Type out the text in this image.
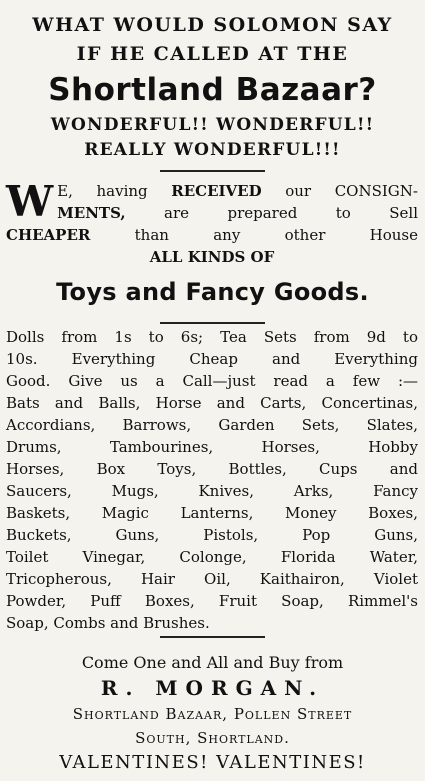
WHAT WOULD SOLOMON SAY
IF HE CALLED AT THE
Shortland Bazaar?
WONDERFUL!! WONDERFUL!!
REALLY WONDERFUL!!!
W E, having RECEIVED our CONSIGN-
MENTS, are prepared to Sell
CHEAPER than any other House
ALL KINDS OF
Toys and Fancy Goods.
Dolls from 1s to 6s; Tea Sets from 9d to
10s. Everything Cheap and Everything
Good. Give us a Call—just read a few :—
Bats and Balls, Horse and Carts, Concertinas,
Accordians, Barrows, Garden Sets, Slates,
Drums, Tambourines, Horses, Hobby
Horses, Box Toys, Bottles, Cups and
Saucers, Mugs, Knives, Arks, Fancy
Baskets, Magic Lanterns, Money Boxes,
Buckets, Guns, Pistols, Pop Guns,
Toilet Vinegar, Colonge, Florida Water,
Tricopherous, Hair Oil, Kaithairon, Violet
Powder, Puff Boxes, Fruit Soap, Rimmel's
Soap, Combs and Brushes.
Come One and All and Buy from
R. MORGAN.
Shortland Bazaar, Pollen Street
South, Shortland.
VALENTINES! VALENTINES!
